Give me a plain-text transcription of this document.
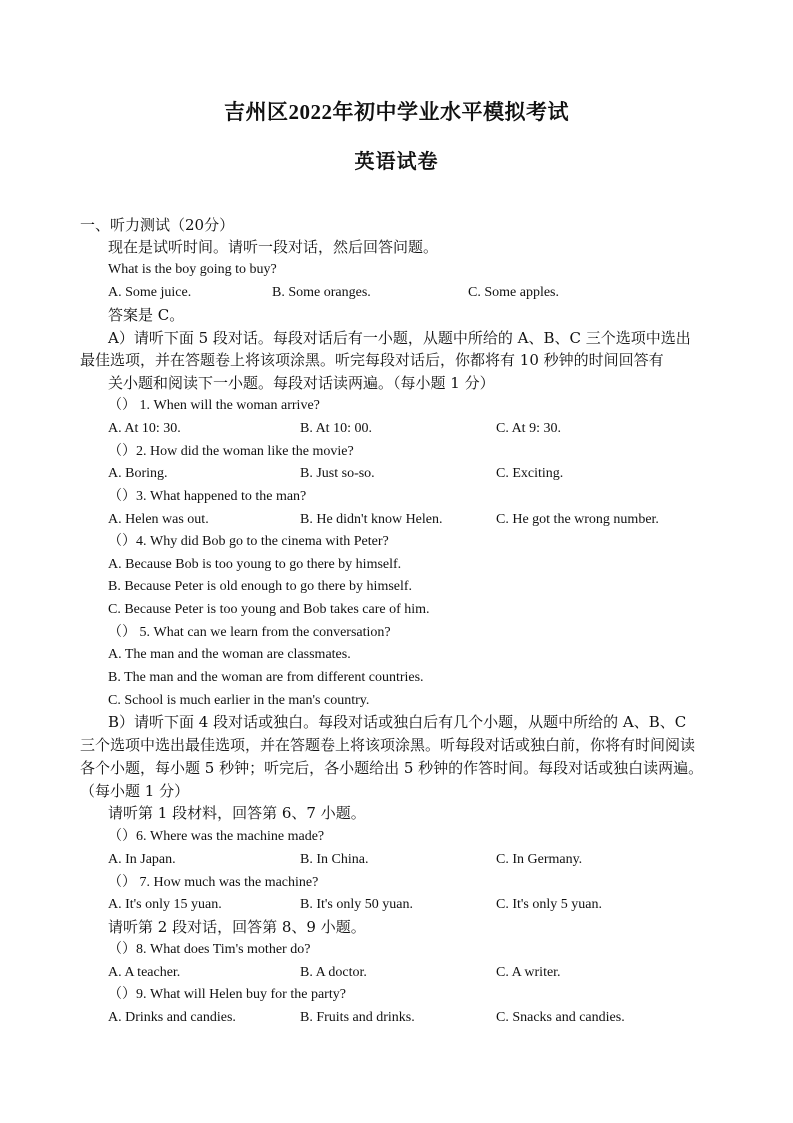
吉州区2022年初中学业水平模拟考试
英语试卷
一、听力测试（20分）
现在是试听时间。请听一段对话，然后回答问题。
What is the boy going to buy?
A. Some juice.	B. Some oranges.	C. Some apples.
答案是 C。
A）请听下面 5 段对话。每段对话后有一小题，从题中所给的 A、B、C 三个选项中选出
最佳选项，并在答题卷上将该项涂黑。听完每段对话后，你都将有 10 秒钟的时间回答有
关小题和阅读下一小题。每段对话读两遍。（每小题 1 分）
（） 1. When will the woman arrive?
A. At 10: 30.	B. At 10: 00.	C. At 9: 30.
（）2. How did the woman like the movie?
A. Boring.	B. Just so-so.	C. Exciting.
（）3. What happened to the man?
A. Helen was out.	B. He didn't know Helen.	C. He got the wrong number.
（）4. Why did Bob go to the cinema with Peter?
A. Because Bob is too young to go there by himself.
B. Because Peter is old enough to go there by himself.
C. Because Peter is too young and Bob takes care of him.
（） 5. What can we learn from the conversation?
A. The man and the woman are classmates.
B. The man and the woman are from different countries.
C. School is much earlier in the man's country.
B）请听下面 4 段对话或独白。每段对话或独白后有几个小题，从题中所给的 A、B、C
三个选项中选出最佳选项，并在答题卷上将该项涂黑。听每段对话或独白前，你将有时间阅读
各个小题，每小题 5 秒钟；听完后，各小题给出 5 秒钟的作答时间。每段对话或独白读两遍。
（每小题 1 分）
请听第 1 段材料，回答第 6、7 小题。
（）6. Where was the machine made?
A. In Japan.	B. In China.	C. In Germany.
（） 7. How much was the machine?
A. It's only 15 yuan.	B. It's only 50 yuan.	C. It's only 5 yuan.
请听第 2 段对话，回答第 8、9 小题。
（）8. What does Tim's mother do?
A. A teacher.	B. A doctor.	C. A writer.
（）9. What will Helen buy for the party?
A. Drinks and candies.	B. Fruits and drinks.	C. Snacks and candies.
